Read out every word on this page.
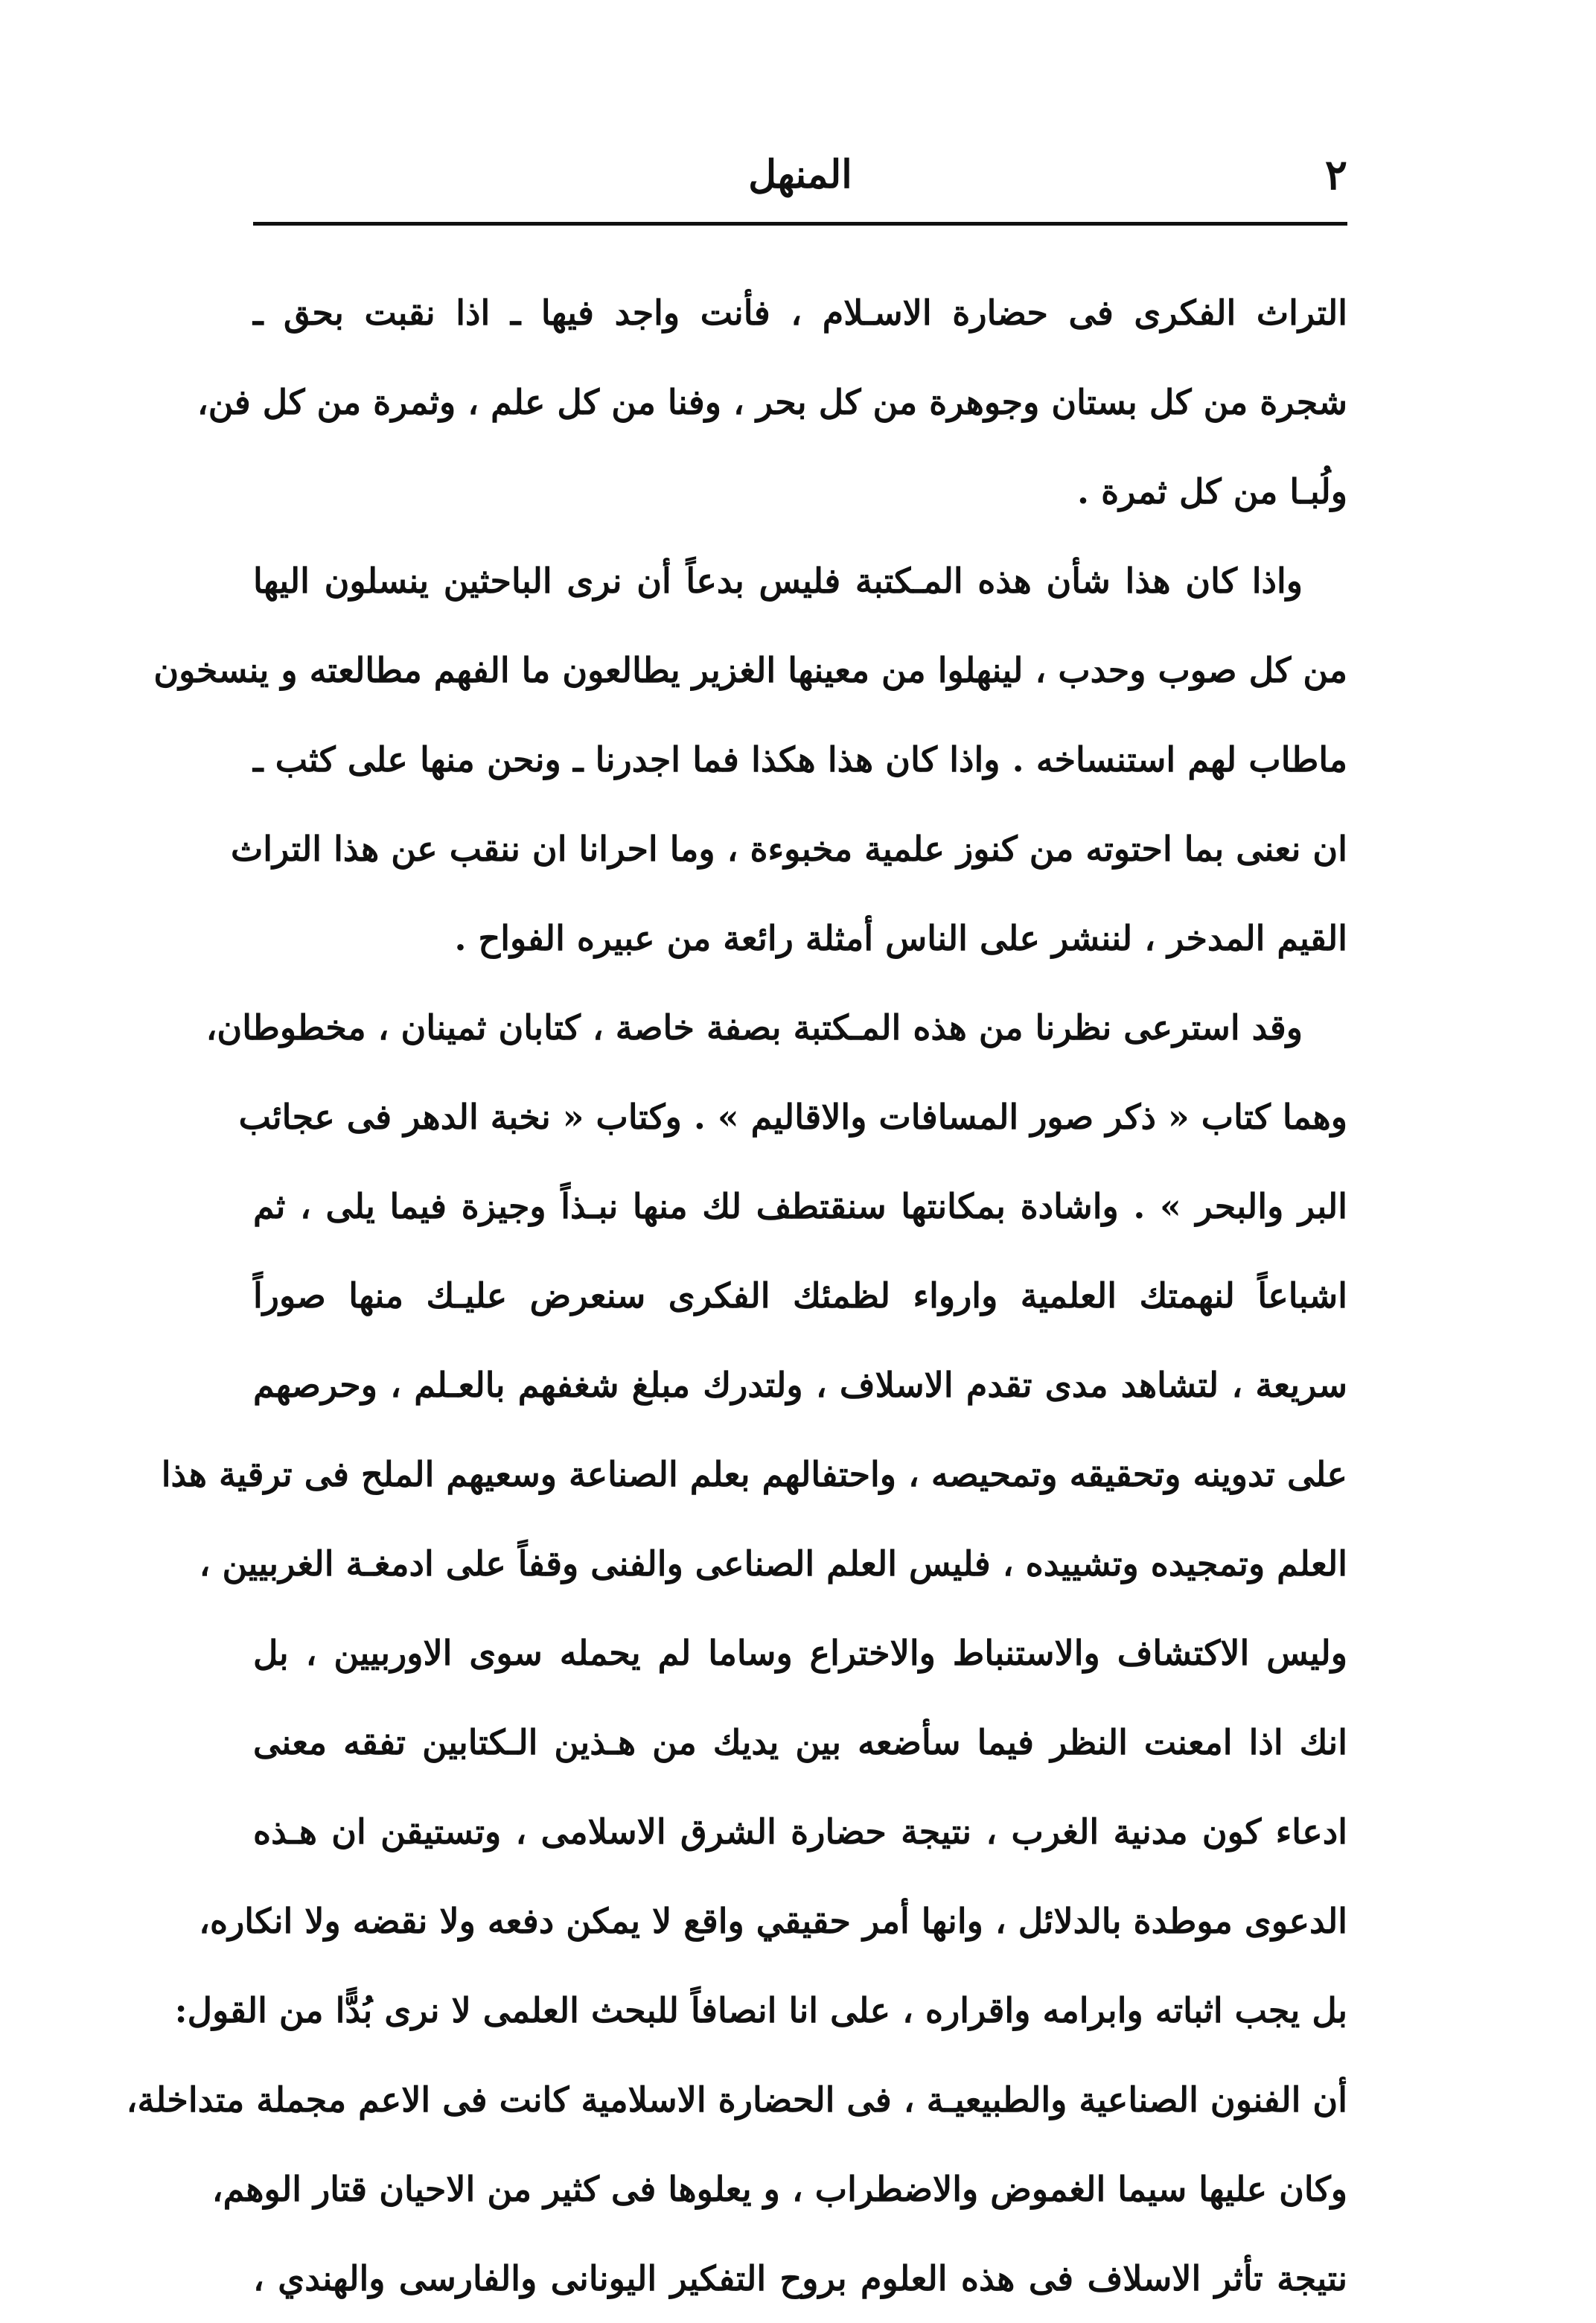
٢
المنهل
التراث الفكرى فى حضارة الاسـلام ، فأنت واجد فيها ـ اذا نقبت بحق ـ
شجرة من كل بستان وجوهرة من كل بحر ، وفنا من كل علم ، وثمرة من كل فن،
ولُبـا من كل ثمرة .
واذا كان هذا شأن هذه المـكتبة فليس بدعاً أن نرى الباحثين ينسلون اليها
من كل صوب وحدب ، لينهلوا من معينها الغزير يطالعون ما الفهم مطالعته و ينسخون
ماطاب لهم استنساخه . واذا كان هذا هكذا فما اجدرنا ـ ونحن منها على كثب ـ
ان نعنى بما احتوته من كنوز علمية مخبوءة ، وما احرانا ان ننقب عن هذا التراث
القيم المدخر ، لننشر على الناس أمثلة رائعة من عبيره الفواح .
وقد استرعى نظرنا من هذه المـكتبة بصفة خاصة ، كتابان ثمينان ، مخطوطان،
وهما كتاب « ذكر صور المسافات والاقاليم » . وكتاب « نخبة الدهر فى عجائب
البر والبحر » . واشادة بمكانتها سنقتطف لك منها نبـذاً وجيزة فيما يلى ، ثم
اشباعاً لنهمتك العلمية وارواء لظمئك الفكرى سنعرض عليـك منها صوراً
سريعة ، لتشاهد مدى تقدم الاسلاف ، ولتدرك مبلغ شغفهم بالعـلم ، وحرصهم
على تدوينه وتحقيقه وتمحيصه ، واحتفالهم بعلم الصناعة وسعيهم الملح فى ترقية هذا
العلم وتمجيده وتشييده ، فليس العلم الصناعى والفنى وقفاً على ادمغـة الغربيين ،
وليس الاكتشاف والاستنباط والاختراع وساما لم يحمله سوى الاوربيين ، بل
انك اذا امعنت النظر فيما سأضعه بين يديك من هـذين الـكتابين تفقه معنى
ادعاء كون مدنية الغرب ، نتيجة حضارة الشرق الاسلامى ، وتستيقن ان هـذه
الدعوى موطدة بالدلائل ، وانها أمر حقيقي واقع لا يمكن دفعه ولا نقضه ولا انكاره،
بل يجب اثباته وابرامه واقراره ، على انا انصافاً للبحث العلمى لا نرى بُدًّا من القول:
أن الفنون الصناعية والطبيعيـة ، فى الحضارة الاسلامية كانت فى الاعم مجملة متداخلة،
وكان عليها سيما الغموض والاضطراب ، و يعلوها فى كثير من الاحيان قتار الوهم،
نتيجة تأثر الاسلاف فى هذه العلوم بروح التفكير اليونانى والفارسى والهندي ،
